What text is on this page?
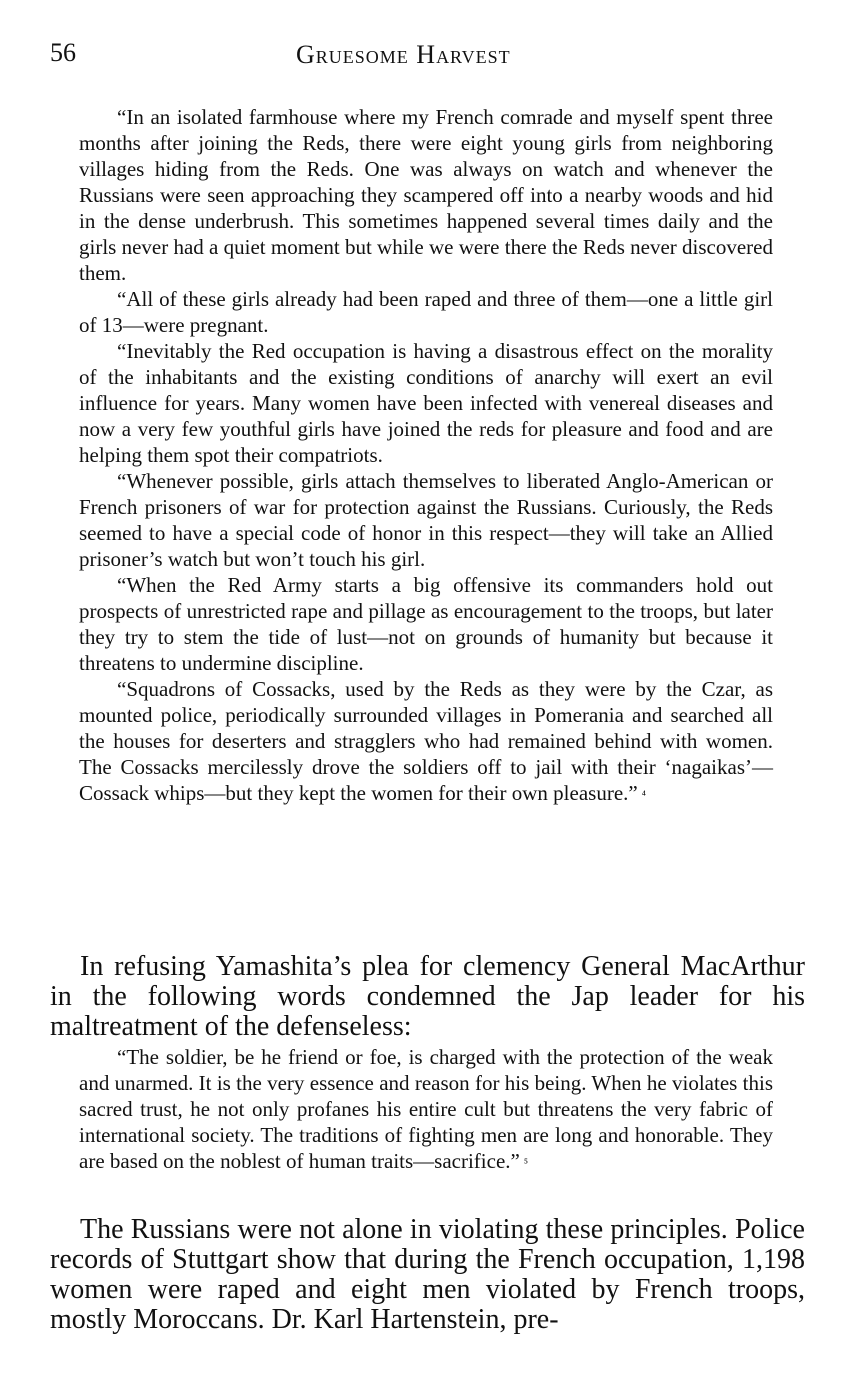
56	Gruesome Harvest

“In an isolated farmhouse where my French comrade and myself spent three months after joining the Reds, there were eight young girls from neighboring villages hiding from the Reds. One was always on watch and whenever the Russians were seen approaching they scampered off into a nearby woods and hid in the dense underbrush. This sometimes happened several times daily and the girls never had a quiet moment but while we were there the Reds never discovered them.

“All of these girls already had been raped and three of them—one a little girl of 13—were pregnant.

“Inevitably the Red occupation is having a disastrous effect on the morality of the inhabitants and the existing conditions of anarchy will exert an evil influence for years. Many women have been infected with venereal diseases and now a very few youthful girls have joined the reds for pleasure and food and are helping them spot their compatriots.

“Whenever possible, girls attach themselves to liberated Anglo-American or French prisoners of war for protection against the Russians. Curiously, the Reds seemed to have a special code of honor in this respect—they will take an Allied prisoner’s watch but won’t touch his girl.

“When the Red Army starts a big offensive its commanders hold out prospects of unrestricted rape and pillage as encouragement to the troops, but later they try to stem the tide of lust—not on grounds of humanity but because it threatens to undermine discipline.

“Squadrons of Cossacks, used by the Reds as they were by the Czar, as mounted police, periodically surrounded villages in Pomerania and searched all the houses for deserters and stragglers who had remained behind with women. The Cossacks mercilessly drove the soldiers off to jail with their ‘nagaikas’—Cossack whips—but they kept the women for their own pleasure.” ⁴

In refusing Yamashita’s plea for clemency General MacArthur in the following words condemned the Jap leader for his maltreatment of the defenseless:

“The soldier, be he friend or foe, is charged with the protection of the weak and unarmed. It is the very essence and reason for his being. When he violates this sacred trust, he not only profanes his entire cult but threatens the very fabric of international society. The traditions of fighting men are long and honorable. They are based on the noblest of human traits—sacrifice.” ⁵

The Russians were not alone in violating these principles. Police records of Stuttgart show that during the French occupation, 1,198 women were raped and eight men violated by French troops, mostly Moroccans. Dr. Karl Hartenstein, pre-
